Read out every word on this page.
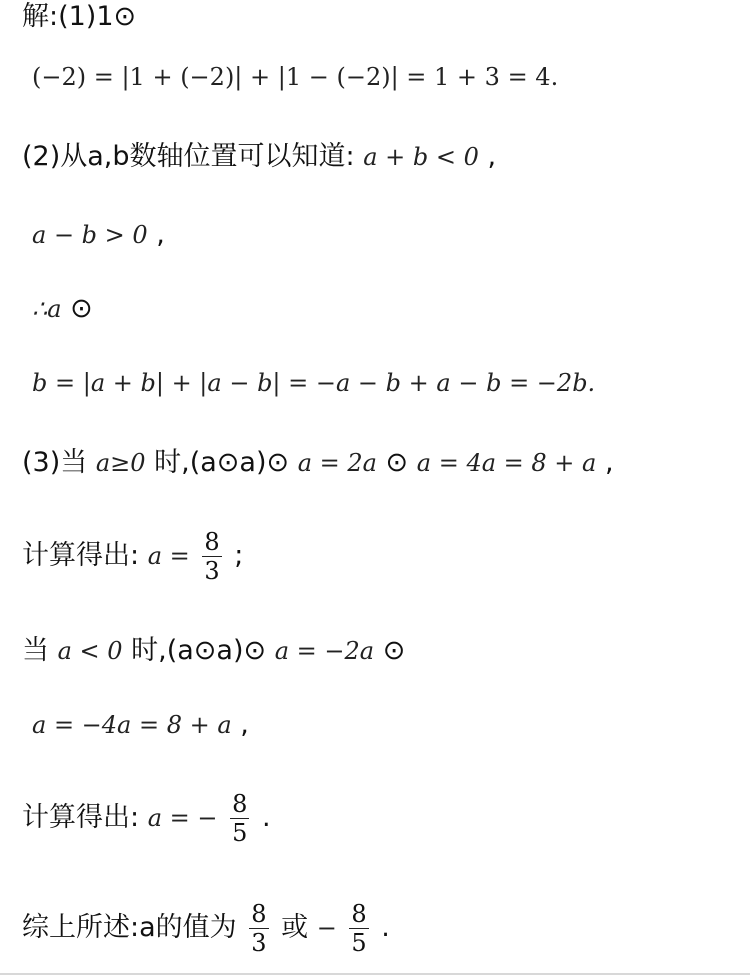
解:(1)1⊙
(−2) = |1 + (−2)| + |1 − (−2)| = 1 + 3 = 4.
(2)从a,b数轴位置可以知道: a + b < 0 ,
a − b > 0 ,
∴a ⊙
b = |a + b| + |a − b| = −a − b + a − b = −2b.
(3)当 a≥0 时,(a⊙a)⊙ a = 2a ⊙ a = 4a = 8 + a ,
计算得出: $a = \frac{8}{3}$ ;
当 a < 0 时,(a⊙a)⊙ a = −2a ⊙
a = −4a = 8 + a ,
计算得出: a = − $\frac{8}{5}$ .
综上所述:a的值为 $\frac{8}{3}$ 或 − $\frac{8}{5}$ .
